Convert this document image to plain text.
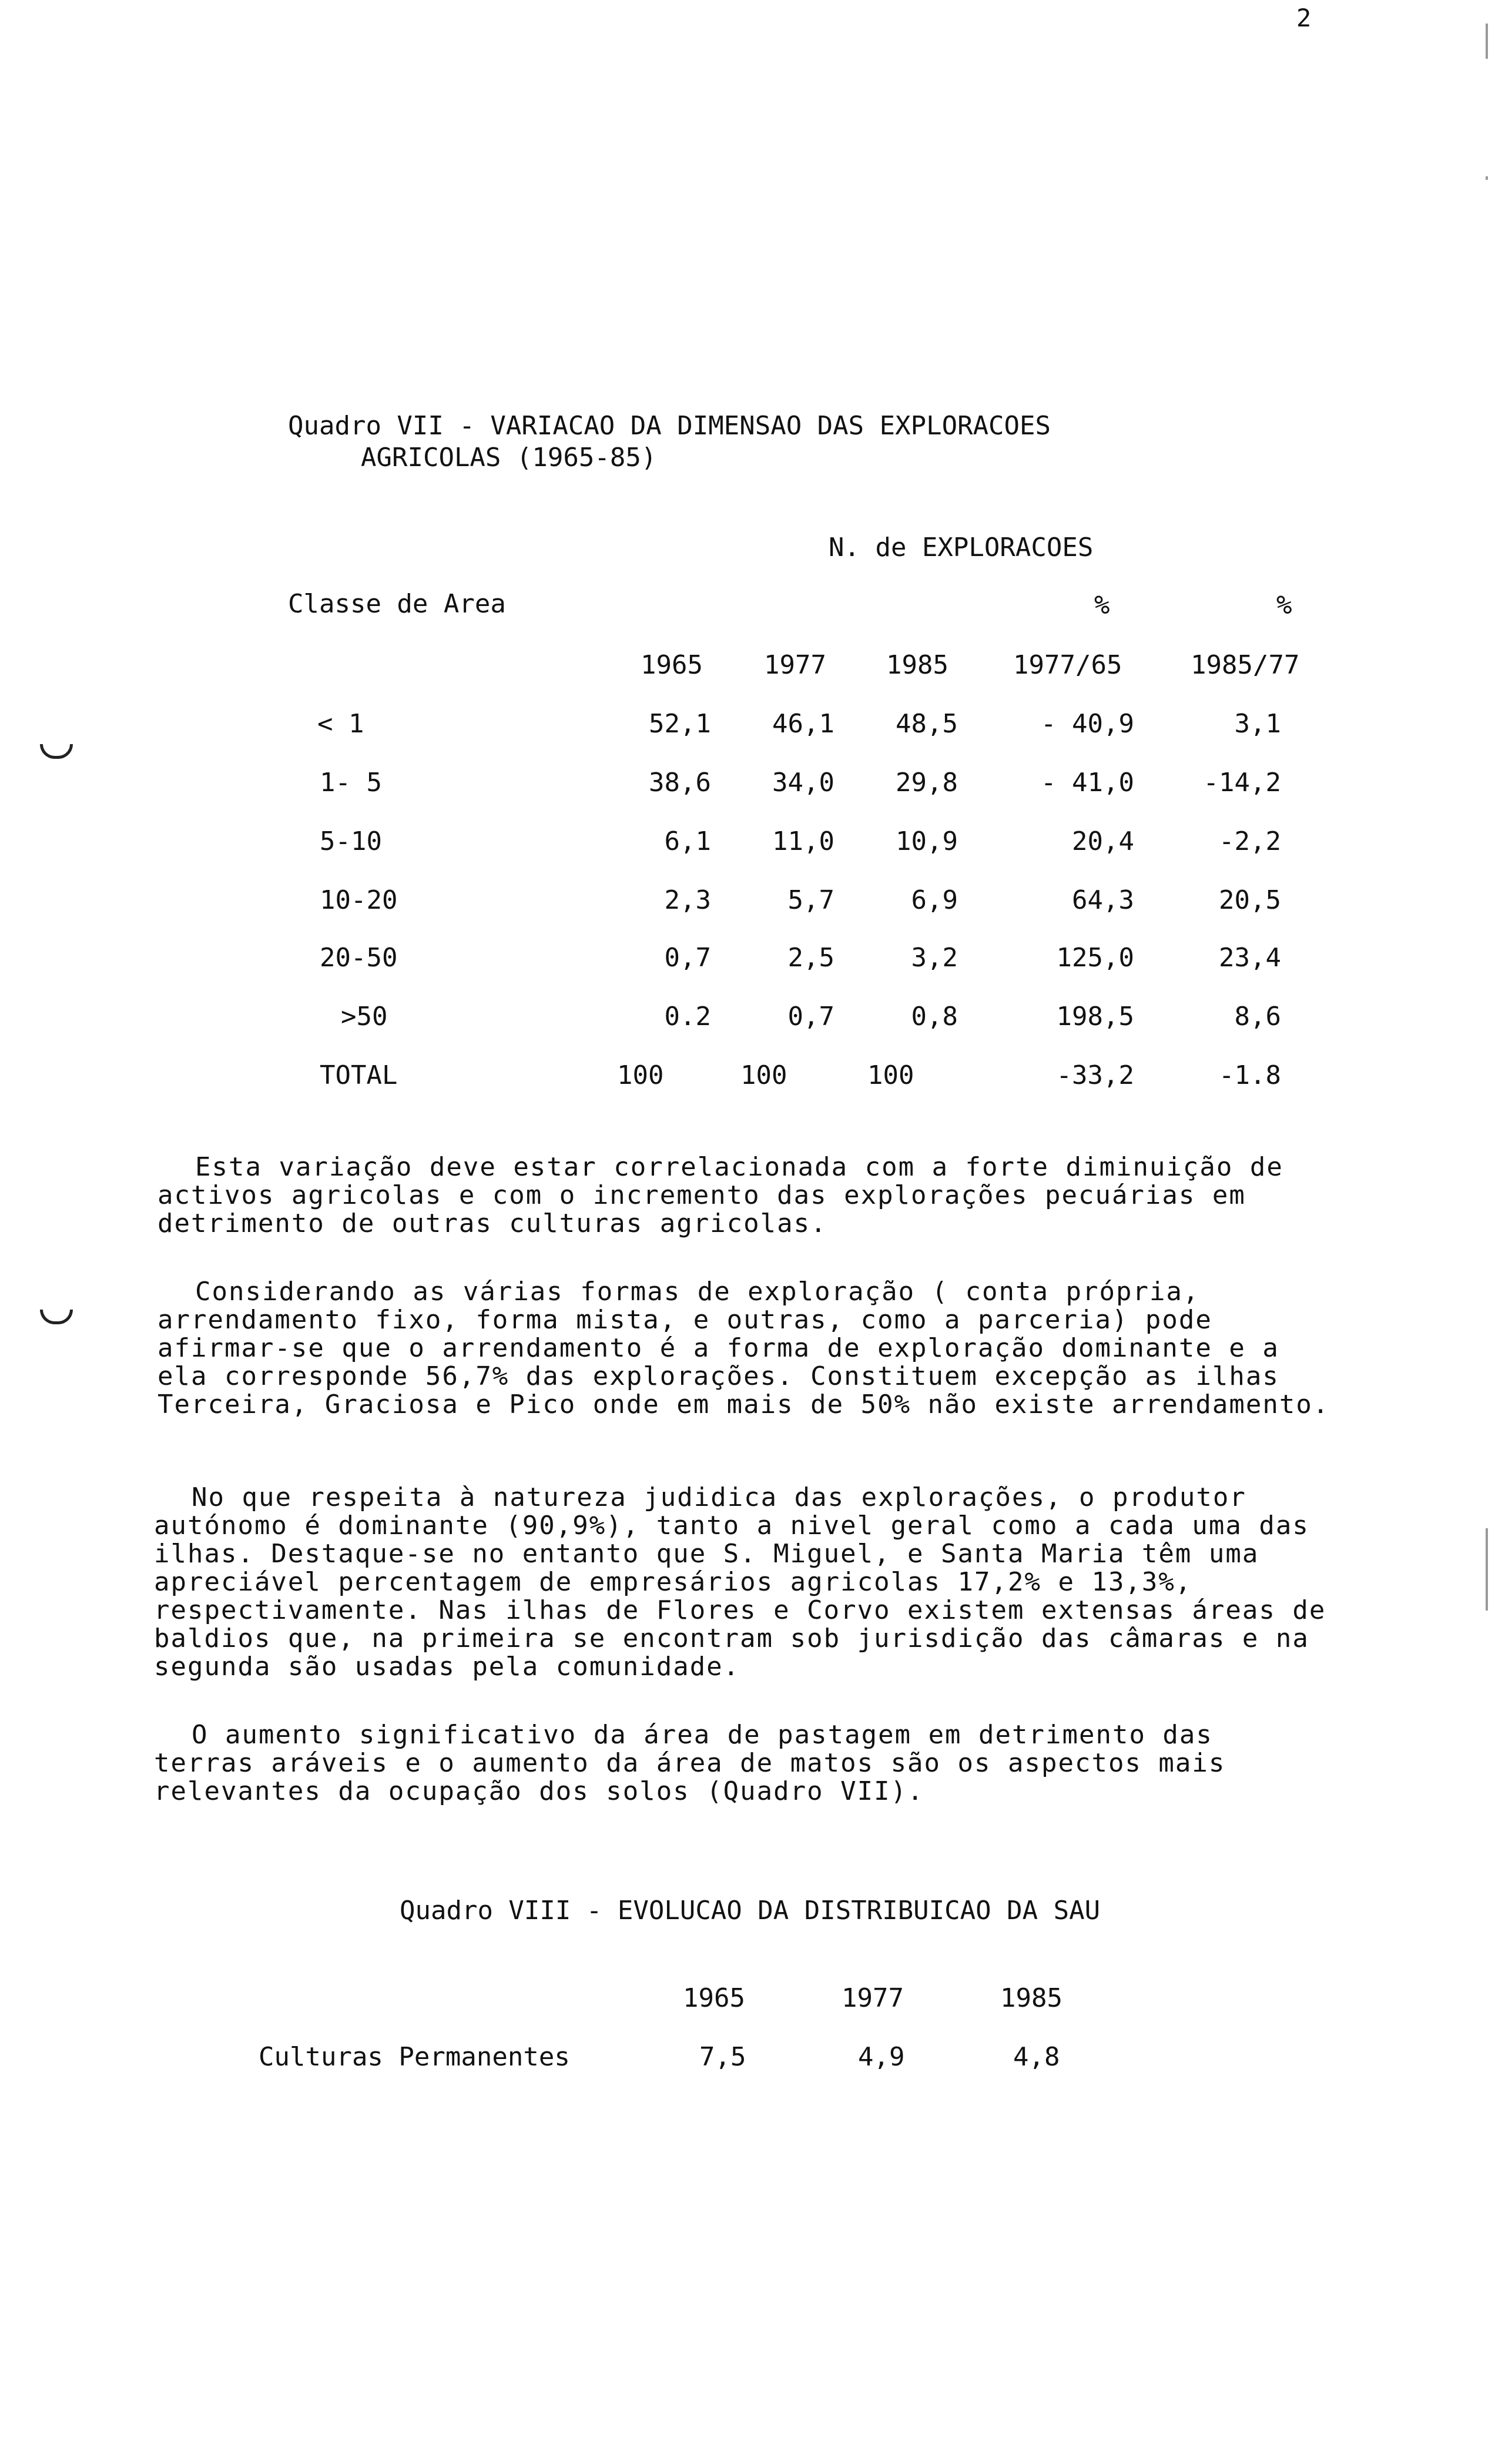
2
Quadro VII - VARIACAO DA DIMENSAO DAS EXPLORACOES
AGRICOLAS (1965-85)
N. de EXPLORACOES
Classe de Area	%	%
1965 1977 1985	1977/65	1985/77
< 1	52,1	46,1	48,5	- 40,9	3,1
1- 5	38,6	34,0	29,8	- 41,0	-14,2
5-10	6,1	11,0	10,9	20,4	-2,2
10-20	2,3	5,7	6,9	64,3	20,5
20-50	0,7	2,5	3,2	125,0	23,4
>50	0.2	0,7	0,8	198,5	8,6
TOTAL	100	100	100	-33,2	-1.8

Esta variação deve estar correlacionada com a forte diminuição de activos agricolas e com o incremento das explorações pecuárias em detrimento de outras culturas agricolas.

Considerando as várias formas de exploração ( conta própria, arrendamento fixo, forma mista, e outras, como a parceria) pode afirmar-se que o arrendamento é a forma de exploração dominante e a ela corresponde 56,7% das explorações. Constituem excepção as ilhas Terceira, Graciosa e Pico onde em mais de 50% não existe arrendamento.

No que respeita à natureza judidica das explorações, o produtor autónomo é dominante (90,9%), tanto a nivel geral como a cada uma das ilhas. Destaque-se no entanto que S. Miguel, e Santa Maria têm uma apreciável percentagem de empresários agricolas 17,2% e 13,3%, respectivamente. Nas ilhas de Flores e Corvo existem extensas áreas de baldios que, na primeira se encontram sob jurisdição das câmaras e na segunda são usadas pela comunidade.

O aumento significativo da área de pastagem em detrimento das terras aráveis e o aumento da área de matos são os aspectos mais relevantes da ocupação dos solos (Quadro VII).

Quadro VIII - EVOLUCAO DA DISTRIBUICAO DA SAU
1965	1977	1985
Culturas Permanentes	7,5	4,9	4,8
